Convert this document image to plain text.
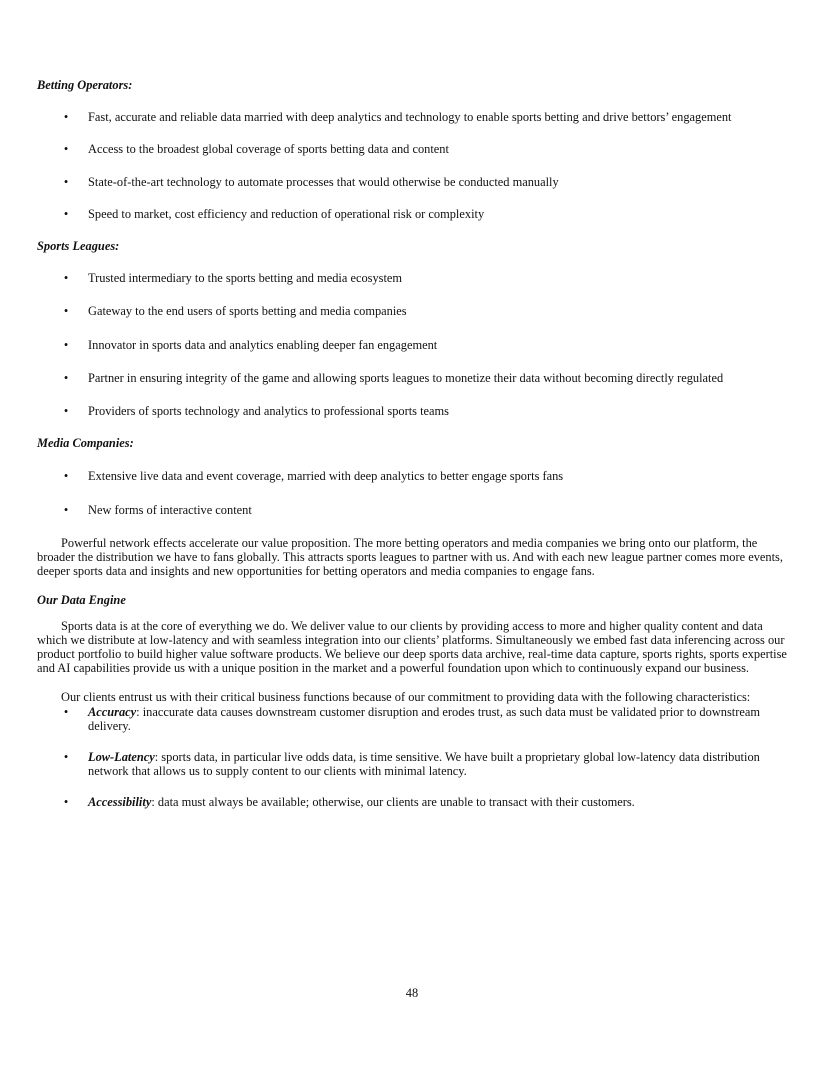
Betting Operators:

• Fast, accurate and reliable data married with deep analytics and technology to enable sports betting and drive bettors’ engagement
• Access to the broadest global coverage of sports betting data and content
• State-of-the-art technology to automate processes that would otherwise be conducted manually
• Speed to market, cost efficiency and reduction of operational risk or complexity

Sports Leagues:

• Trusted intermediary to the sports betting and media ecosystem
• Gateway to the end users of sports betting and media companies
• Innovator in sports data and analytics enabling deeper fan engagement
• Partner in ensuring integrity of the game and allowing sports leagues to monetize their data without becoming directly regulated
• Providers of sports technology and analytics to professional sports teams

Media Companies:

• Extensive live data and event coverage, married with deep analytics to better engage sports fans
• New forms of interactive content

Powerful network effects accelerate our value proposition. The more betting operators and media companies we bring onto our platform, the broader the distribution we have to fans globally. This attracts sports leagues to partner with us. And with each new league partner comes more events, deeper sports data and insights and new opportunities for betting operators and media companies to engage fans.

Our Data Engine

Sports data is at the core of everything we do. We deliver value to our clients by providing access to more and higher quality content and data which we distribute at low-latency and with seamless integration into our clients’ platforms. Simultaneously we embed fast data inferencing across our product portfolio to build higher value software products. We believe our deep sports data archive, real-time data capture, sports rights, sports expertise and AI capabilities provide us with a unique position in the market and a powerful foundation upon which to continuously expand our business.

Our clients entrust us with their critical business functions because of our commitment to providing data with the following characteristics:

• Accuracy: inaccurate data causes downstream customer disruption and erodes trust, as such data must be validated prior to downstream delivery.
• Low-Latency: sports data, in particular live odds data, is time sensitive. We have built a proprietary global low-latency data distribution network that allows us to supply content to our clients with minimal latency.
• Accessibility: data must always be available; otherwise, our clients are unable to transact with their customers.
48
